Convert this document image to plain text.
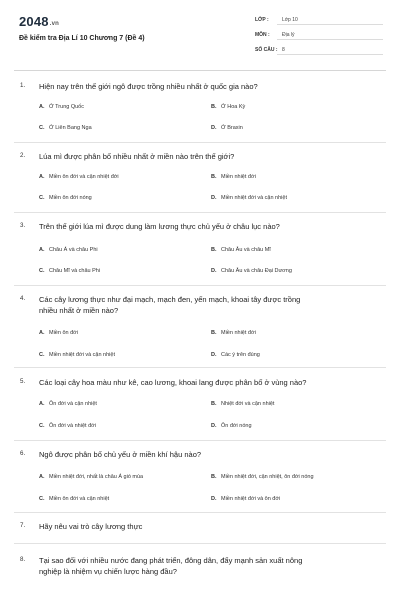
2048.vn
Đề kiểm tra Địa Lí 10 Chương 7 (Đề 4)
LỚP :	Lớp 10
MÔN : Địa lý
SỐ CÂU : 8
1. Hiện nay trên thế giới ngô được trồng nhiều nhất ở quốc gia nào?
A. Ở Trung Quốc	B. Ở Hoa Kỳ
C. Ở Liên Bang Nga	D. Ở Braxin
2. Lúa mì được phân bố nhiều nhất ở miền nào trên thế giới?
A. Miền ôn đới và cận nhiệt đới	B. Miền nhiệt đới
C. Miền ôn đới nóng	D. Miền nhiệt đới và cận nhiệt
3. Trên thế giới lúa mì được dung làm lương thực chủ yếu ở châu lục nào?
A. Châu Á và châu Phi	B. Châu Âu và châu Mĩ
C. Châu Mĩ và châu Phi	D. Châu Âu và châu Đại Dương
4. Các cây lương thực như đại mạch, mạch đen, yến mạch, khoai tây được trồng
nhiều nhất ở miền nào?
A. Miền ôn đới	B. Miền nhiệt đới
C. Miền nhiệt đới và cận nhiệt	D. Các ý trên đúng
5. Các loại cây hoa màu như kê, cao lương, khoai lang được phân bố ở vùng nào?
A. Ôn đới và cận nhiệt	B. Nhiệt đới và cận nhiệt
C. Ôn đới và nhiệt đới	D. Ôn đới nóng
6. Ngô được phân bố chủ yếu ở miền khí hậu nào?
A. Miền nhiệt đới, nhất là châu Á gió mùa	B. Miền nhiệt đới, cận nhiệt, ôn đới nóng
C. Miền ôn đới và cận nhiệt	D. Miền nhiệt đới và ôn đới
7. Hãy nêu vai trò cây lương thực
8. Tại sao đối với nhiều nước đang phát triển, đông dân, đẩy mạnh sản xuất nông
nghiệp là nhiệm vụ chiến lược hàng đầu?
